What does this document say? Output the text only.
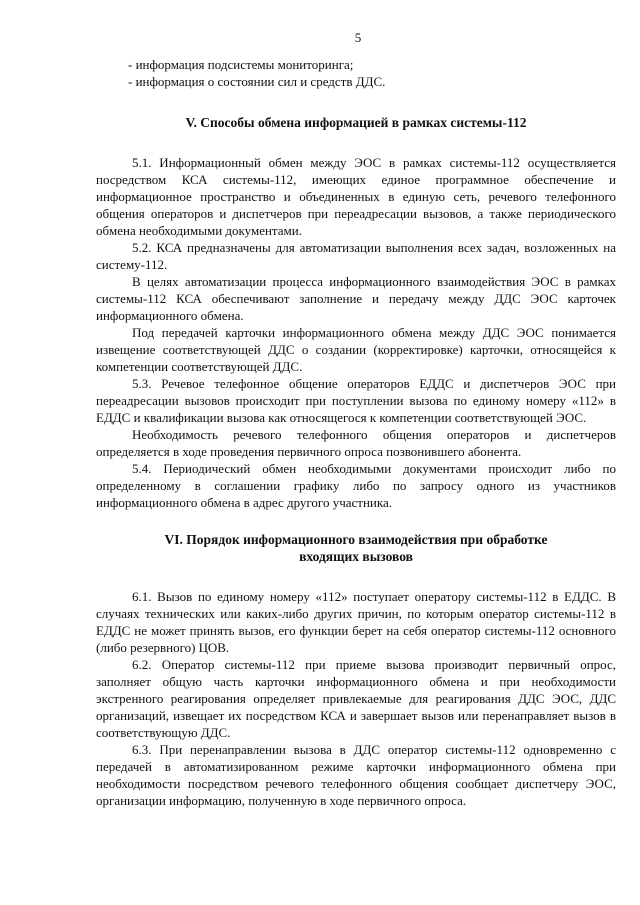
5
- информация подсистемы мониторинга;
- информация о состоянии сил и средств ДДС.
V. Способы обмена информацией в рамках системы-112

5.1. Информационный обмен между ЭОС в рамках системы-112 осуществляется посредством КСА системы-112, имеющих единое программное обеспечение и информационное пространство и объединенных в единую сеть, речевого телефонного общения операторов и диспетчеров при переадресации вызовов, а также периодического обмена необходимыми документами.

5.2. КСА предназначены для автоматизации выполнения всех задач, возложенных на систему-112.

В целях автоматизации процесса информационного взаимодействия ЭОС в рамках системы-112 КСА обеспечивают заполнение и передачу между ДДС ЭОС карточек информационного обмена.

Под передачей карточки информационного обмена между ДДС ЭОС понимается извещение соответствующей ДДС о создании (корректировке) карточки, относящейся к компетенции соответствующей ДДС.

5.3. Речевое телефонное общение операторов ЕДДС и диспетчеров ЭОС при переадресации вызовов происходит при поступлении вызова по единому номеру «112» в ЕДДС и квалификации вызова как относящегося к компетенции соответствующей ЭОС.

Необходимость речевого телефонного общения операторов и диспетчеров определяется в ходе проведения первичного опроса позвонившего абонента.

5.4. Периодический обмен необходимыми документами происходит либо по определенному в соглашении графику либо по запросу одного из участников информационного обмена в адрес другого участника.

VI. Порядок информационного взаимодействия при обработке
входящих вызовов

6.1. Вызов по единому номеру «112» поступает оператору системы-112 в ЕДДС. В случаях технических или каких-либо других причин, по которым оператор системы-112 в ЕДДС не может принять вызов, его функции берет на себя оператор системы-112 основного (либо резервного) ЦОВ.

6.2. Оператор системы-112 при приеме вызова производит первичный опрос, заполняет общую часть карточки информационного обмена и при необходимости экстренного реагирования определяет привлекаемые для реагирования ДДС ЭОС, ДДС организаций, извещает их посредством КСА и завершает вызов или перенаправляет вызов в соответствующую ДДС.

6.3. При перенаправлении вызова в ДДС оператор системы-112 одновременно с передачей в автоматизированном режиме карточки информационного обмена при необходимости посредством речевого телефонного общения сообщает диспетчеру ЭОС, организации информацию, полученную в ходе первичного опроса.
